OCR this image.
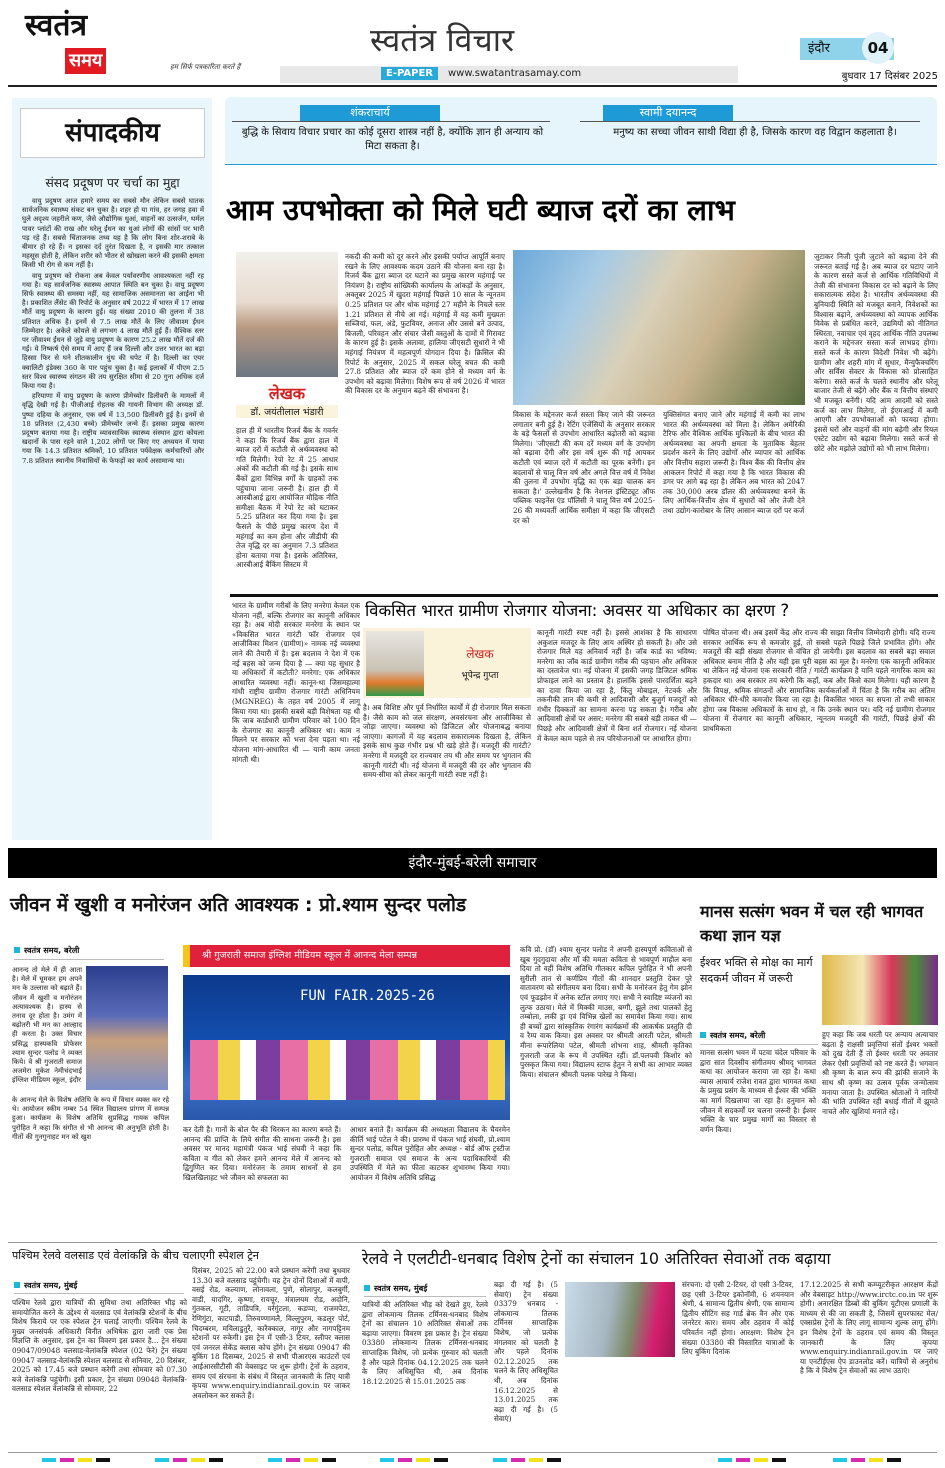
स्वतंत्र
समय	हम सिर्फ पत्रकारिता करते हैं
स्वतंत्र विचार
E-PAPER	www.swatantrasamay.com
इंदौर	04
बुधवार 17 दिसंबर 2025
संपादकीय
संसद प्रदूषण पर चर्चा का मुद्दा

वायु प्रदूषण आज हमारे समय का सबसे मौन लेकिन सबसे घातक सार्वजनिक स्वास्थ्य संकट बन चुका है। शहर हो या गांव, हर जगह हवा में घुले अदृश्य जहरीले कण, जैसे औद्योगिक धुआं, वाहनों का उत्सर्जन, थर्मल पावर प्लांटों की राख और घरेलू ईंधन का धुआं लोगों की सांसों पर भारी पड़ रहे हैं। सबसे चिंताजनक तथ्य यह है कि लोग बिना शोर-शराबे के बीमार हो रहे हैं। न इसका दर्द तुरंत दिखता है, न इसकी मार तत्काल महसूस होती है, लेकिन शरीर को भीतर से खोखला करने की इसकी क्षमता किसी भी रोग से कम नहीं है।

वायु प्रदूषण को रोकना अब केवल पर्यावरणीय आवश्यकता नहीं रह गया है। यह सार्वजनिक स्वास्थ्य आपात स्थिति बन चुका है। वायु प्रदूषण सिर्फ स्वास्थ्य की समस्या नहीं, यह सामाजिक असमानता का आईना भी है। प्रकाशित लैंसेट की रिपोर्ट के अनुसार वर्ष 2022 में भारत में 17 लाख मौतें वायु प्रदूषण के कारण हुईं। यह संख्या 2010 की तुलना में 38 प्रतिशत अधिक है। इनमें से 7.5 लाख मौतें के लिए जीवाश्म ईंधन जिम्मेदार है। अकेले कोयले से लगभग 4 लाख मौतें हुई हैं। वैश्विक स्तर पर जीवाश्म ईंधन से जुड़े वायु प्रदूषण के कारण 25.2 लाख मौतें दर्ज की गईं। ये निष्कर्ष ऐसे समय में आए हैं जब दिल्ली और उत्तर भारत का बड़ा हिस्सा फिर से घने शीतकालीन धुंध की चपेट में है। दिल्ली का एयर क्वालिटी इंडेक्स 360 के पार पहुंच चुका है। कई इलाकों में पीएम 2.5 स्तर विश्व स्वास्थ्य संगठन की तय सुरक्षित सीमा से 20 गुना अधिक दर्ज किया गया है।

हरियाणा में वायु प्रदूषण के कारण प्रीमेच्योर डिलीवरी के मामलों में वृद्धि देखी गई है। पीजीआई रोहतक की गायनी विभाग की अध्यक्ष डॉ. पुष्पा दहिया के अनुसार, एक वर्ष में 13,500 डिलीवरी हुई है। इनमें से 18 प्रतिशत (2,430 बच्चे) प्रीमेच्योर जन्मे हैं। इसका प्रमुख कारण प्रदूषण बताया गया है। राष्ट्रीय व्यावसायिक स्वास्थ्य संस्थान द्वारा कोयला खदानों के पास रहने वाले 1,202 लोगों पर किए गए अध्ययन में पाया गया कि 14.3 प्रतिशत श्रमिकों, 10 प्रतिशत पर्यवेक्षक कर्मचारियों और 7.8 प्रतिशत स्थानीय निवासियों के फेफड़ों का कार्य असामान्य था।

शंकराचार्य	स्वामी दयानन्द
बुद्धि के सिवाय विचार प्रचार का कोई दूसरा शास्त्र नहीं है, क्योंकि ज्ञान ही अन्याय को मिटा सकता है।
मनुष्य का सच्चा जीवन साथी विद्या ही है, जिसके कारण वह विद्वान कहलाता है।
आम उपभोक्ता को मिले घटी ब्याज दरों का लाभ
लेखक
डॉ. जयंतीलाल भंडारी
हाल ही में भारतीय रिजर्व बैंक के गवर्नर ने कहा कि रिजर्व बैंक द्वारा हाल में ब्याज दरों में कटौती से अर्थव्यवस्था को गति मिलेगी। रेपो रेट में 25 आधार अंकों की कटौती की गई है। इसके साथ बैंकों द्वारा विभिन्न वर्गों के ग्राहकों तक पहुंचाया जाना जरूरी है। हाल ही में आरबीआई द्वारा आयोजित मौद्रिक नीति समीक्षा बैठक में रेपो रेट को घटाकर 5.25 प्रतिशत कर दिया गया है। इस फैसले के पीछे प्रमुख कारण देश में महंगाई का कम होना और जीडीपी की तेज वृद्धि दर का अनुमान 7.3 प्रतिशत होना बताया गया है। इसके अतिरिक्त, आरबीआई बैंकिंग सिस्टम में
नकदी की कमी को दूर करने और इसकी पर्याप्त आपूर्ति बनाए रखने के लिए आवश्यक कदम उठाने की योजना बना रहा है। रिजर्व बैंक द्वारा ब्याज दर घटाने का प्रमुख कारण महंगाई पर नियंत्रण है। राष्ट्रीय सांख्यिकी कार्यालय के आंकड़ों के अनुसार, अक्तूबर 2025 में खुदरा महंगाई पिछले 10 साल के न्यूनतम 0.25 प्रतिशत पर और थोक महंगाई 27 महीने के निचले स्तर 1.21 प्रतिशत से नीचे आ गई। महंगाई में यह कमी मुख्यतः सब्जियां, फल, अंडे, फुटवियर, अनाज और उससे बने उत्पाद, बिजली, परिवहन और संचार जैसी वस्तुओं के दामों में गिरावट के कारण हुई है। इसके अलावा, हालिया जीएसटी सुधारों ने भी महंगाई नियंत्रण में महत्वपूर्ण योगदान दिया है। क्रिसिल की रिपोर्ट के अनुसार, 2025 में सकल घरेलू बचत की कमी 27.8 प्रतिशत और ब्याज दरें कम होने से मध्यम वर्ग के उपभोग को बढ़ावा मिलेगा। विशेष रूप से वर्ष 2026 में भारत की विकास दर के अनुमान बढ़ने की संभावना है।
विकास के मद्देनजर कर्ज सस्ता किए जाने की जरूरत लगातार बनी हुई है। रेटिंग एजेंसियों के अनुसार सरकार के बड़े फैसलों से उपभोग आधारित बढ़ोतरी को बढ़ावा मिलेगा। 'जीएसटी की कम दरें मध्यम वर्ग के उपभोग को बढ़ावा देंगी और इस वर्ष शुरू की गई आयकर कटौती एवं ब्याज दरों में कटौती का पूरक बनेंगी। इन बदलावों से चालू वित्त वर्ष और अगले वित्त वर्ष में निवेश की तुलना में उपभोग वृद्धि का एक बड़ा चालक बन सकता है।' उल्लेखनीय है कि नेशनल इंस्टिट्यूट ऑफ पब्लिक फाइनेंस एंड पॉलिसी ने चालू वित्त वर्ष 2025-26 की मध्यवर्ती आर्थिक समीक्षा में कहा कि जीएसटी दर को
युक्तिसंगत बनाए जाने और महंगाई में कमी का लाभ भारत की अर्थव्यवस्था को मिला है। लेकिन अमेरिकी टैरिफ और वैश्विक आर्थिक मुश्किलों के बीच भारत की अर्थव्यवस्था का अपनी क्षमता के मुताबिक बेहतर प्रदर्शन करने के लिए उद्योगों और व्यापार को आर्थिक और वित्तीय सहारा जरूरी है। विश्व बैंक की वित्तीय क्षेत्र आकलन रिपोर्ट में कहा गया है कि भारत विकास की डगर पर आगे बढ़ रहा है। लेकिन अब भारत को 2047 तक 30,000 अरब डॉलर की अर्थव्यवस्था बनने के लिए आर्थिक-वित्तीय क्षेत्र में सुधारों को और तेजी देने तथा उद्योग-कारोबार के लिए आसान ब्याज दरों पर कर्ज
जुटाकर निजी पूंजी जुटाने को बढ़ावा देने की जरूरत बताई गई है। अब ब्याज दर घटाए जाने के कारण सस्ते कर्ज से आर्थिक गतिविधियों में तेजी की संभावना विकास दर को बढ़ाने के लिए सकारात्मक संदेश है। भारतीय अर्थव्यवस्था की बुनियादी स्थिति को मजबूत बनाने, निवेशकों का विश्वास बढ़ाने, अर्थव्यवस्था को व्यापक आर्थिक विवेक से प्रबंधित करने, उद्यमियों को नीतिगत स्थिरता, नवाचार एवं वृहद आर्थिक नीति उपलब्ध कराने के मद्देनजर सस्ता कर्ज लाभप्रद होगा। सस्ते कर्ज के कारण विदेशी निवेश भी बढ़ेंगे। ग्रामीण और शहरी मांग में सुधार, मैन्युफैक्चरिंग और सर्विस सेक्टर के विकास को प्रोत्साहित करेगा। सस्ते कर्ज के चलते स्थानीय और घरेलू बाजार तेजी से बढ़ेंगे और बैंक व वित्तीय संस्थाएं भी मजबूत बनेंगी। यदि आम आदमी को सस्ते कर्ज का लाभ मिलेगा, तो ईएमआई में कमी आएगी और उपभोक्ताओं को फायदा होगा। इससे घरों और वाहनों की मांग बढ़ेगी और रियल एस्टेट उद्योग को बढ़ावा मिलेगा। सस्ते कर्ज से छोटे और मझोले उद्योगों को भी लाभ मिलेगा।
विकसित भारत ग्रामीण रोजगार योजना: अवसर या अधिकार का क्षरण ?
भारत के ग्रामीण गरीबों के लिए मनरेगा केवल एक योजना नहीं, बल्कि रोजगार का कानूनी अधिकार रहा है। अब मोदी सरकार मनरेगा के स्थान पर «विकसित भारत गारंटी फॉर रोजगार एवं आजीविका मिशन (ग्रामीण)» नामक नई व्यवस्था लाने की तैयारी में है। इस बदलाव ने देश में एक नई बहस को जन्म दिया है — क्या यह सुधार है या अधिकारों में कटौती? मनरेगा: एक अधिकार आधारित व्यवस्था नहीं। कानून-था जिसमहात्मा गांधी राष्ट्रीय ग्रामीण रोजगार गारंटी अधिनियम (MGNREG) के तहत वर्ष 2005 में लागू किया गया था। इसकी सबसे बड़ी विशेषता यह थी कि जाब कार्डधारी ग्रामीण परिवार को 100 दिन के रोजगार का कानूनी अधिकार था। काम न मिलने पर सरकार को भत्ता देना पड़ता था। नई योजना मांग-आधारित थी — यानी काम जनता मांगती थी।
लेखक
भूपेन्द्र गुप्ता
है। अब विशिष्ट और पूर्व निर्धारित कार्यों में ही रोजगार मिल सकता है। जैसे काम को जल संरक्षण, अवसंरचना और आजीविका से जोड़ा जाएगा। व्यवस्था को डिजिटल और योजनाबद्ध बनाया जाएगा। कागजों में यह बदलाव सकारात्मक दिखता है, लेकिन इसके साथ कुछ गंभीर प्रश्न भी खड़े होते हैं। मजदूरी की गारंटी? मनरेगा में मजदूरी दर राज्यवार तय थी और समय पर भुगतान की कानूनी गारंटी थी। नई योजना में मजदूरी की दर और भुगतान की समय-सीमा को लेकर कानूनी गारंटी स्पष्ट नहीं है।
कानूनी गारंटी स्पष्ट नहीं है। इससे आशंका है कि साधारण अकुशल मजदूर के लिए आय अस्थिर हो सकती है। और उसे रोजगार मिले यह अनिवार्य नहीं है। जॉब कार्ड का भविष्य: मनरेगा का जॉब कार्ड ग्रामीण गरीब की पहचान और अधिकार का दस्तावेज था। नई योजना में इसकी जगह डिजिटल श्रमिक प्रोफाइल लाने का प्रस्ताव है। हालांकि इससे पारदर्शिता बढ़ने का दावा किया जा रहा है, किंतु मोबाइल, नेटवर्क और तकनीकी ज्ञान की कमी से आदिवासी और बुजुर्ग मजदूरों को गंभीर दिक्कतों का सामना करना पड़ सकता है। गरीब और आदिवासी क्षेत्रों पर असर: मनरेगा की सबसे बड़ी ताकत थी — पिछड़े और आदिवासी क्षेत्रों में बिना शर्त रोजगार। नई योजना में केवल काम पहले से तय परियोजनाओं पर आधारित होगा।
पोषित योजना थी। अब इसमें केंद्र और राज्य की साझा वित्तीय जिम्मेदारी होगी। यदि राज्य सरकार आर्थिक रूप से कमजोर हुई, तो सबसे पहले पिछड़े जिले प्रभावित होंगे। और मजदूरों की बड़ी संख्या रोजगार से वंचित हो जायेगी। इस बदलाव का सबसे बड़ा सवाल अधिकार बनाम नीति है और यही इस पूरी बहस का मूल है। मनरेगा एक कानूनी अधिकार था लेकिन नई योजना एक सरकारी नीति / गारंटी कार्यक्रम है यानि पहले नागरिक काम का हकदार था। अब सरकार तय करेगी कि कहाँ, कब और किसे काम मिलेगा। यही कारण है कि विपक्ष, श्रमिक संगठनों और सामाजिक कार्यकर्ताओं में चिंता है कि गरीब का अंतिम अधिकार धीरे-धीरे कमजोर किया जा रहा है। विकसित भारत का सपना तो तभी साकार होगा जब विकास अधिकारों के साथ हो, न कि उनके स्थान पर। यदि नई ग्रामीण रोजगार योजना में रोजगार का कानूनी अधिकार, न्यूनतम मजदूरी की गारंटी, पिछड़े क्षेत्रों की प्राथमिकता
इंदौर-मुंबई-बरेली समाचार
जीवन में खुशी व मनोरंजन अति आवश्यक : प्रो.श्याम सुन्दर पलोड
स्वतंत्र समय, बरेली
आनन्द तो मेले में ही आता है। मेले में घूमकर हम अपने मन के उल्लास को बढ़ाते हैं। जीवन में खुशी व मनोरंजन अत्यावश्यक है। हास्य से तनाव दूर होता है। उमंग में बढ़ोतरी भी मन का आल्हाद ही करता है। उक्त विचार प्रसिद्ध हास्यकवि प्रोफेसर श्याम सुन्दर पलोड ने व्यक्त किये। वे श्री गुजराती समाज अजमेरा मुकेश नेमीचंदभाई इंग्लिश मीडियम स्कूल, इंदौर
के आनन्द मेले के विशेष अतिथि के रूप में विचार व्यक्त कर रहे थे। आयोजन स्कीम नम्बर 54 स्थित विद्यालय प्रांगण में सम्पन्न हुआ। कार्यक्रम के विशेष अतिथि सुप्रसिद्ध गायक कपिल पुरोहित ने कहा कि संगीत से भी आनन्द की अनुभूति होती है। गीतों की गुनगुनाहट मन को खुश
श्री गुजराती समाज इंग्लिश मीडियम स्कूल में आनन्द मेला सम्पन्न
FUN FAIR.2025-26
कर देती है। गानों के बोल पैर की थिरकन का कारण बनते हैं। आनन्द की प्राप्ति के लिये संगीत की साधना जरूरी है। इस अवसर पर मानद महामंत्री पंकज भाई संघवी ने कहा कि कविता व गीत को लेकर हमने आनन्द मेले में आनन्द को द्विगुणित कर दिया। मनोरंजन के तमाम साधनों से हम खिलखिलाहट भरे जीवन को सफलता का
आधार बनाते हैं। कार्यक्रम की अध्यक्षता विद्यालय के चैयरमेन कीर्ति भाई पटेल ने की। प्रारम्भ में पंकज भाई संघवी, प्रो.श्याम सुन्दर पलोड, कपिल पुरोहित और अध्यक्ष - बोर्ड ऑफ ट्रस्टीज गुजराती समाज एवं समाज के अन्य पदाधिकारियों की उपस्थिति में मेले का फीता काटकर शुभारम्भ किया गया। आयोजन में विशेष अतिथि प्रसिद्ध
कवि प्रो. (डॉ) श्याम सुन्दर पलोड ने अपनी हास्यपूर्ण कविताओं से खूब गुदगुदाया और माँ की ममता कविता से भावपूर्ण माहौल बना दिया तो वहीं विशेष अतिथि गीतकार कपिल पुरोहित ने भी अपनी सुरीली तान से कर्णप्रिय गीतों की शानदार प्रस्तुति देकर पूरे वातावरण को संगीतमय बना दिया। सभी के मनोरंजन हेतु गेम झोन एवं फूडझोन में अनेक स्टॉल लगाए गए। सभी ने स्वादिष्ट व्यंजनों का लुत्फ उठाया। मेले में मिक्की माउस, बग्गी, झूले तथा पालकों हेतु तम्बोला, लकी ड्रा एवं विभिन्न खेलों का समावेश किया गया। साथ ही बच्चों द्वारा सांस्कृतिक रंगारंग कार्यक्रमों की आकर्षक प्रस्तुति दी व रैम्प वाक किया। इस अवसर पर श्रीमती आरती पटेल, श्रीमती मीना रूपारेलिया पटेल, श्रीमती शोभना शाह, श्रीमती कृतिका गुजराती जज के रूप में उपस्थित रहीं। डॉ.पलपवी किशोर को पुरस्कृत किया गया। विद्यालय स्टाफ हेतुन ने सभी का आभार व्यक्त किया। संचालन श्रीमती पलक पारेख ने किया।
मानस सत्संग भवन में चल रही भागवत कथा ज्ञान यज्ञ
ईश्वर भक्ति से मोक्ष का मार्ग सदकर्म जीवन में जरूरी
स्वतंत्र समय, बरेली
मानस सत्संग भवन में पटवा चंदेल परिवार के द्वारा सात दिवसीय संगीतमय श्रीमद् भागवत कथा का आयोजन कराया जा रहा है। कथा व्यास आचार्य राजेश रावत द्वारा भागवत कथा के प्रमुख प्रसंग के माध्यम से ईश्वर की भक्ति का मार्ग दिखलाया जा रहा है। हनुमान को जीवन में सदकर्मों पर चलना जरूरी है। ईश्वर भक्ति के चार प्रमुख मार्गों का विस्तार से वर्णन किया।
हुए कहा कि जब धरती पर अन्याय अत्याचार बढ़ता है राक्षसी प्रवृत्तियां संतों ईश्वर भक्तों को दुख देती हैं तो ईश्वर धरती पर अवतार लेकर ऐसी प्रवृत्तियों को नष्ट करते हैं। भगवान श्री कृष्ण के बाल रूप की झांकी सजाने के साथ श्री कृष्ण का उत्सव पूर्वक जन्मोत्सव मनाया जाता है। उपस्थित श्रोताओं ने नारियों की भांति उपस्थित रही बधाई गीतों में झूमते नाचते और खुशियां मनाते रहे।
पश्चिम रेलवे वलसाड एवं वेलांकन्नि के बीच चलाएगी स्पेशल ट्रेन
स्वतंत्र समय, मुंबई
पश्चिम रेलवे द्वारा यात्रियों की सुविधा तथा अतिरिक्त भीड़ को समायोजित करने के उद्देश्य से वलसाड एवं वेलांकन्नि स्टेशनों के बीच विशेष किराये पर एक स्पेशल ट्रेन चलाई जाएगी। पश्चिम रेलवे के मुख्य जनसंपर्क अधिकारी विनीत अभिषेक द्वारा जारी एक प्रेस विज्ञप्ति के अनुसार, इस ट्रेन का विवरण इस प्रकार है... ट्रेन संख्या 09047/09048 वलसाड-वेलांकन्नि स्पेशल (02 फेरे) ट्रेन संख्या 09047 वलसाड-वेलांकन्नि स्पेशल वलसाड से शनिवार, 20 दिसंबर, 2025 को 17.45 बजे प्रस्थान करेगी तथा सोमवार को 07.30 बजे वेलांकन्नि पहुंचेगी। इसी प्रकार, ट्रेन संख्या 09048 वेलांकन्नि- वलसाड स्पेशल वेलांकन्नि से सोमवार, 22
दिसंबर, 2025 को 22.00 बजे प्रस्थान करेगी तथा बुधवार 13.30 बजे वलसाड पहुंचेगी। यह ट्रेन दोनों दिशाओं में वापी, वसई रोड, कल्याण, लोनावला, पुणे, सोलापुर, कलबुर्गी, वाडी, यादगिर, कृष्णा, रायचूर, मंत्रालयम रोड, अदोनि, गुंतकल, गूटी, ताडिपत्रि, यर्रगुंटला, कडप्पा, राजमपेटा, रेणिगुंटा, काटपाडी, तिरुवण्णामलै, विल्लुपुरम, कडलूर पोर्ट, चिदम्बरम, मयिलाडुतुरै, कारैक्काल, नागूर और नागपट्टिनम स्टेशनों पर रुकेगी। इस ट्रेन में एसी-3 टियर, स्लीपर क्लास एवं जनरल सेकेंड क्लास कोच होंगे। ट्रेन संख्या 09047 की बुकिंग 18 दिसम्बर, 2025 से सभी पीआरएस काउंटरों एवं आईआरसीटीसी की वेबसाइट पर शुरू होगी। ट्रेनों के ठहराव, समय एवं संरचना के संबंध में विस्तृत जानकारी के लिए यात्री कृपया www.enquiry.indianrail.gov.in पर जाकर अवलोकन कर सकते हैं।
रेलवे ने एलटीटी-धनबाद विशेष ट्रेनों का संचालन 10 अतिरिक्त सेवाओं तक बढ़ाया
स्वतंत्र समय, मुंबई
यात्रियों की अतिरिक्त भीड़ को देखते हुए, रेलवे द्वारा लोकमान्य तिलक टर्मिनस-धनबाद विशेष ट्रेनों का संचालन 10 अतिरिक्त सेवाओं तक बढ़ाया जाएगा। विवरण इस प्रकार है। ट्रेन संख्या 03380 लोकमान्य तिलक टर्मिनस-धनबाद साप्ताहिक विशेष, जो प्रत्येक गुरुवार को चलती है और पहले दिनांक 04.12.2025 तक चलने के लिए अधिसूचित थी, अब दिनांक 18.12.2025 से 15.01.2025 तक
बढ़ा दी गई है। (5 सेवाएं) ट्रेन संख्या 03379 धनबाद - लोकमान्य तिलक टर्मिनस साप्ताहिक विशेष, जो प्रत्येक मंगलवार को चलती है और पहले दिनांक 02.12.2025 तक चलने के लिए अधिसूचित थी, अब दिनांक 16.12.2025 से 13.01.2025 तक बढ़ा दी गई है। (5 सेवाएं)
संरचना: दो एसी 2-टियर, दो एसी 3-टियर, छह एसी 3-टियर इकोनॉमी, 6 शयनयान श्रेणी, 4 सामान्य द्वितीय श्रेणी, एक सामान्य द्वितीय सीटिंग सह गार्ड ब्रेक वैन और एक जनरेटर कार। समय और ठहराव में कोई परिवर्तन नहीं होगा। आरक्षण: विशेष ट्रेन संख्या 03380 की विस्तारित यात्राओं के लिए बुकिंग दिनांक
17.12.2025 से सभी कम्प्यूटरीकृत आरक्षण केंद्रों और वेबसाइट http://www.irctc.co.in पर शुरू होगी। अनारक्षित डिब्बों की बुकिंग यूटीएस प्रणाली के माध्यम से की जा सकती है, जिसमें सुपरफास्ट मेल/एक्सप्रेस ट्रेनों के लिए लागू सामान्य शुल्क लागू होंगे। इन विशेष ट्रेनों के ठहराव एवं समय की विस्तृत जानकारी के लिए कृपया www.enquiry.indianrail.gov.in पर जाएं या एनटीईएस ऐप डाउनलोड करें। यात्रियों से अनुरोध है कि वे विशेष ट्रेन सेवाओं का लाभ उठाएं।
